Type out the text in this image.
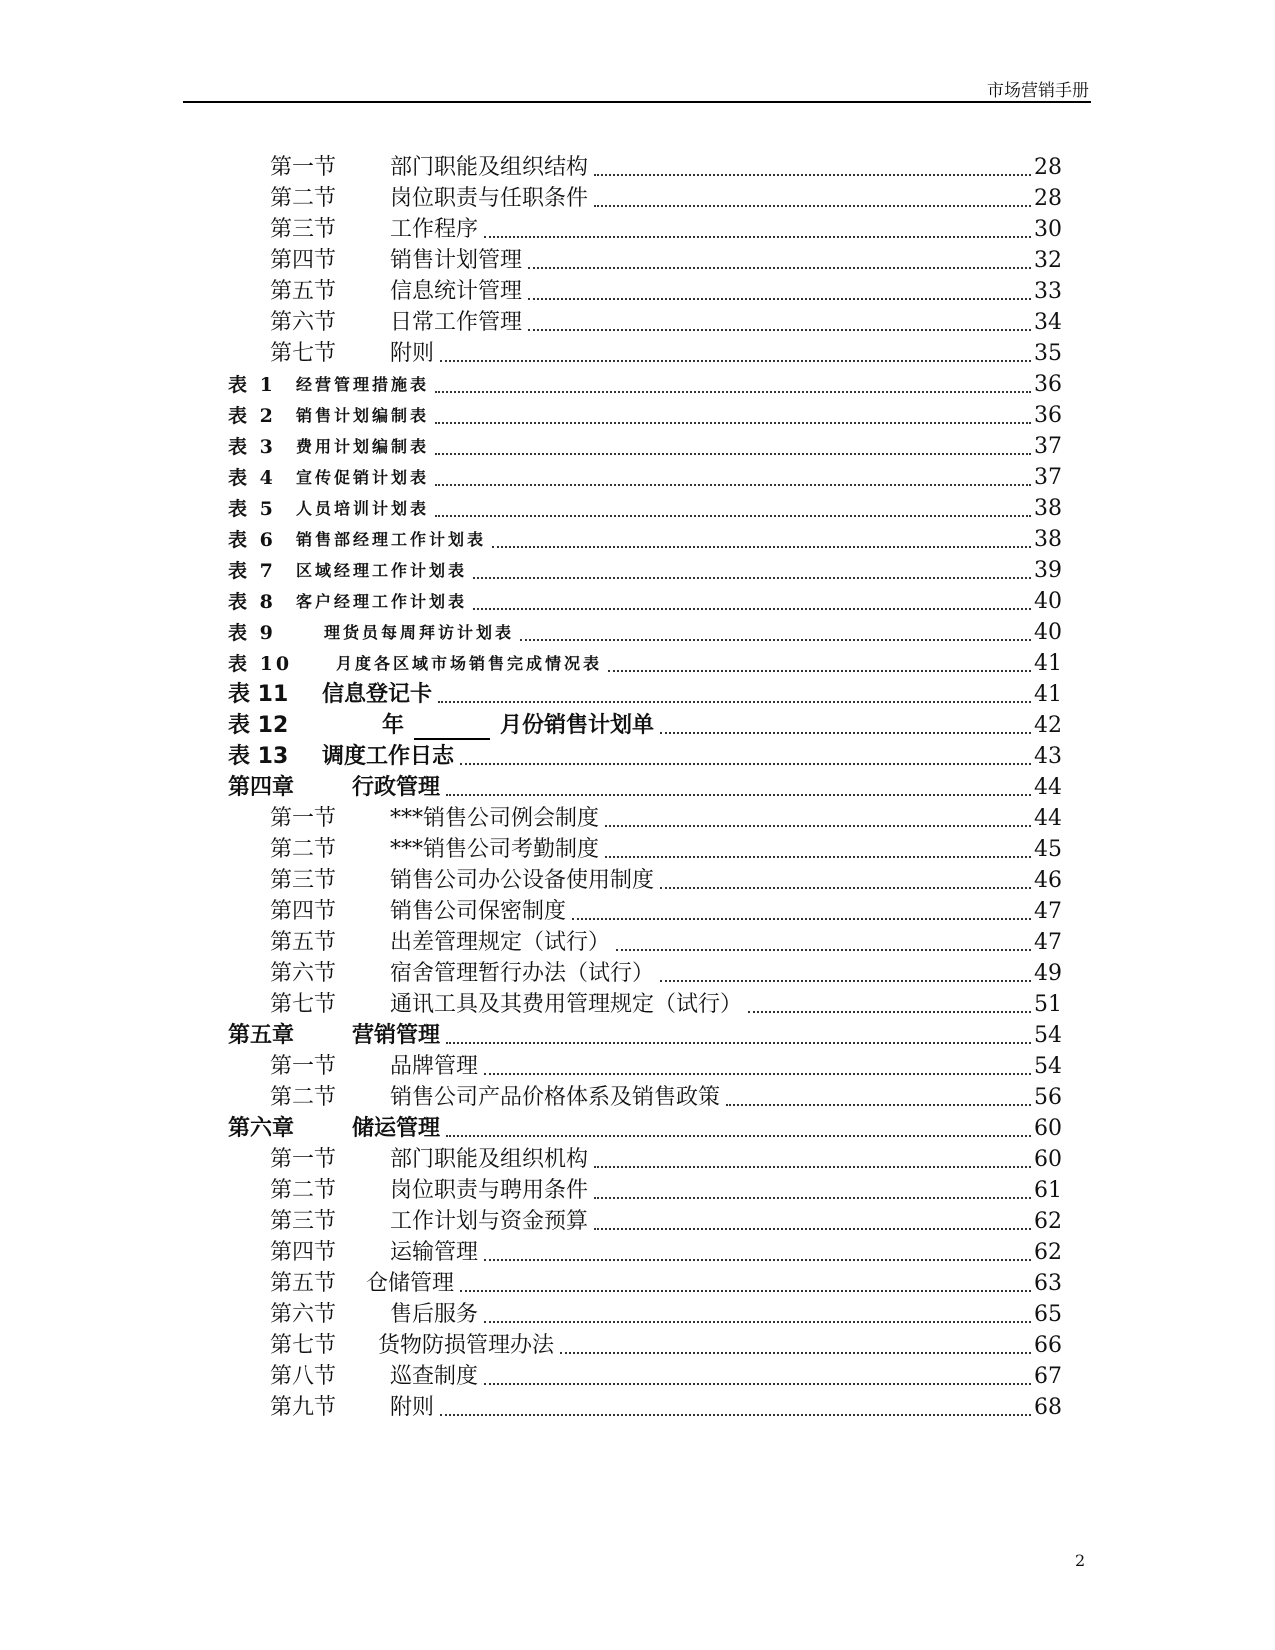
市场营销手册
第一节	部门职能及组织结构	28
第二节	岗位职责与任职条件	28
第三节	工作程序	30
第四节	销售计划管理	32
第五节	信息统计管理	33
第六节	日常工作管理	34
第七节	附则	35
表 1	经营管理措施表	36
表 2	销售计划编制表	36
表 3	费用计划编制表	37
表 4	宣传促销计划表	37
表 5	人员培训计划表	38
表 6	销售部经理工作计划表	38
表 7	区域经理工作计划表	39
表 8	客户经理工作计划表	40
表 9	理货员每周拜访计划表	40
表 10	月度各区域市场销售完成情况表	41
表 11	信息登记卡	41
表 12	年	月份销售计划单	42
表 13	调度工作日志	43
第四章	行政管理	44
第一节	***销售公司例会制度	44
第二节	***销售公司考勤制度	45
第三节	销售公司办公设备使用制度	46
第四节	销售公司保密制度	47
第五节	出差管理规定（试行）	47
第六节	宿舍管理暂行办法（试行）	49
第七节	通讯工具及其费用管理规定（试行）	51
第五章	营销管理	54
第一节	品牌管理	54
第二节	销售公司产品价格体系及销售政策	56
第六章	储运管理	60
第一节	部门职能及组织机构	60
第二节	岗位职责与聘用条件	61
第三节	工作计划与资金预算	62
第四节	运输管理	62
第五节	仓储管理	63
第六节	售后服务	65
第七节	货物防损管理办法	66
第八节	巡查制度	67
第九节	附则	68
2
